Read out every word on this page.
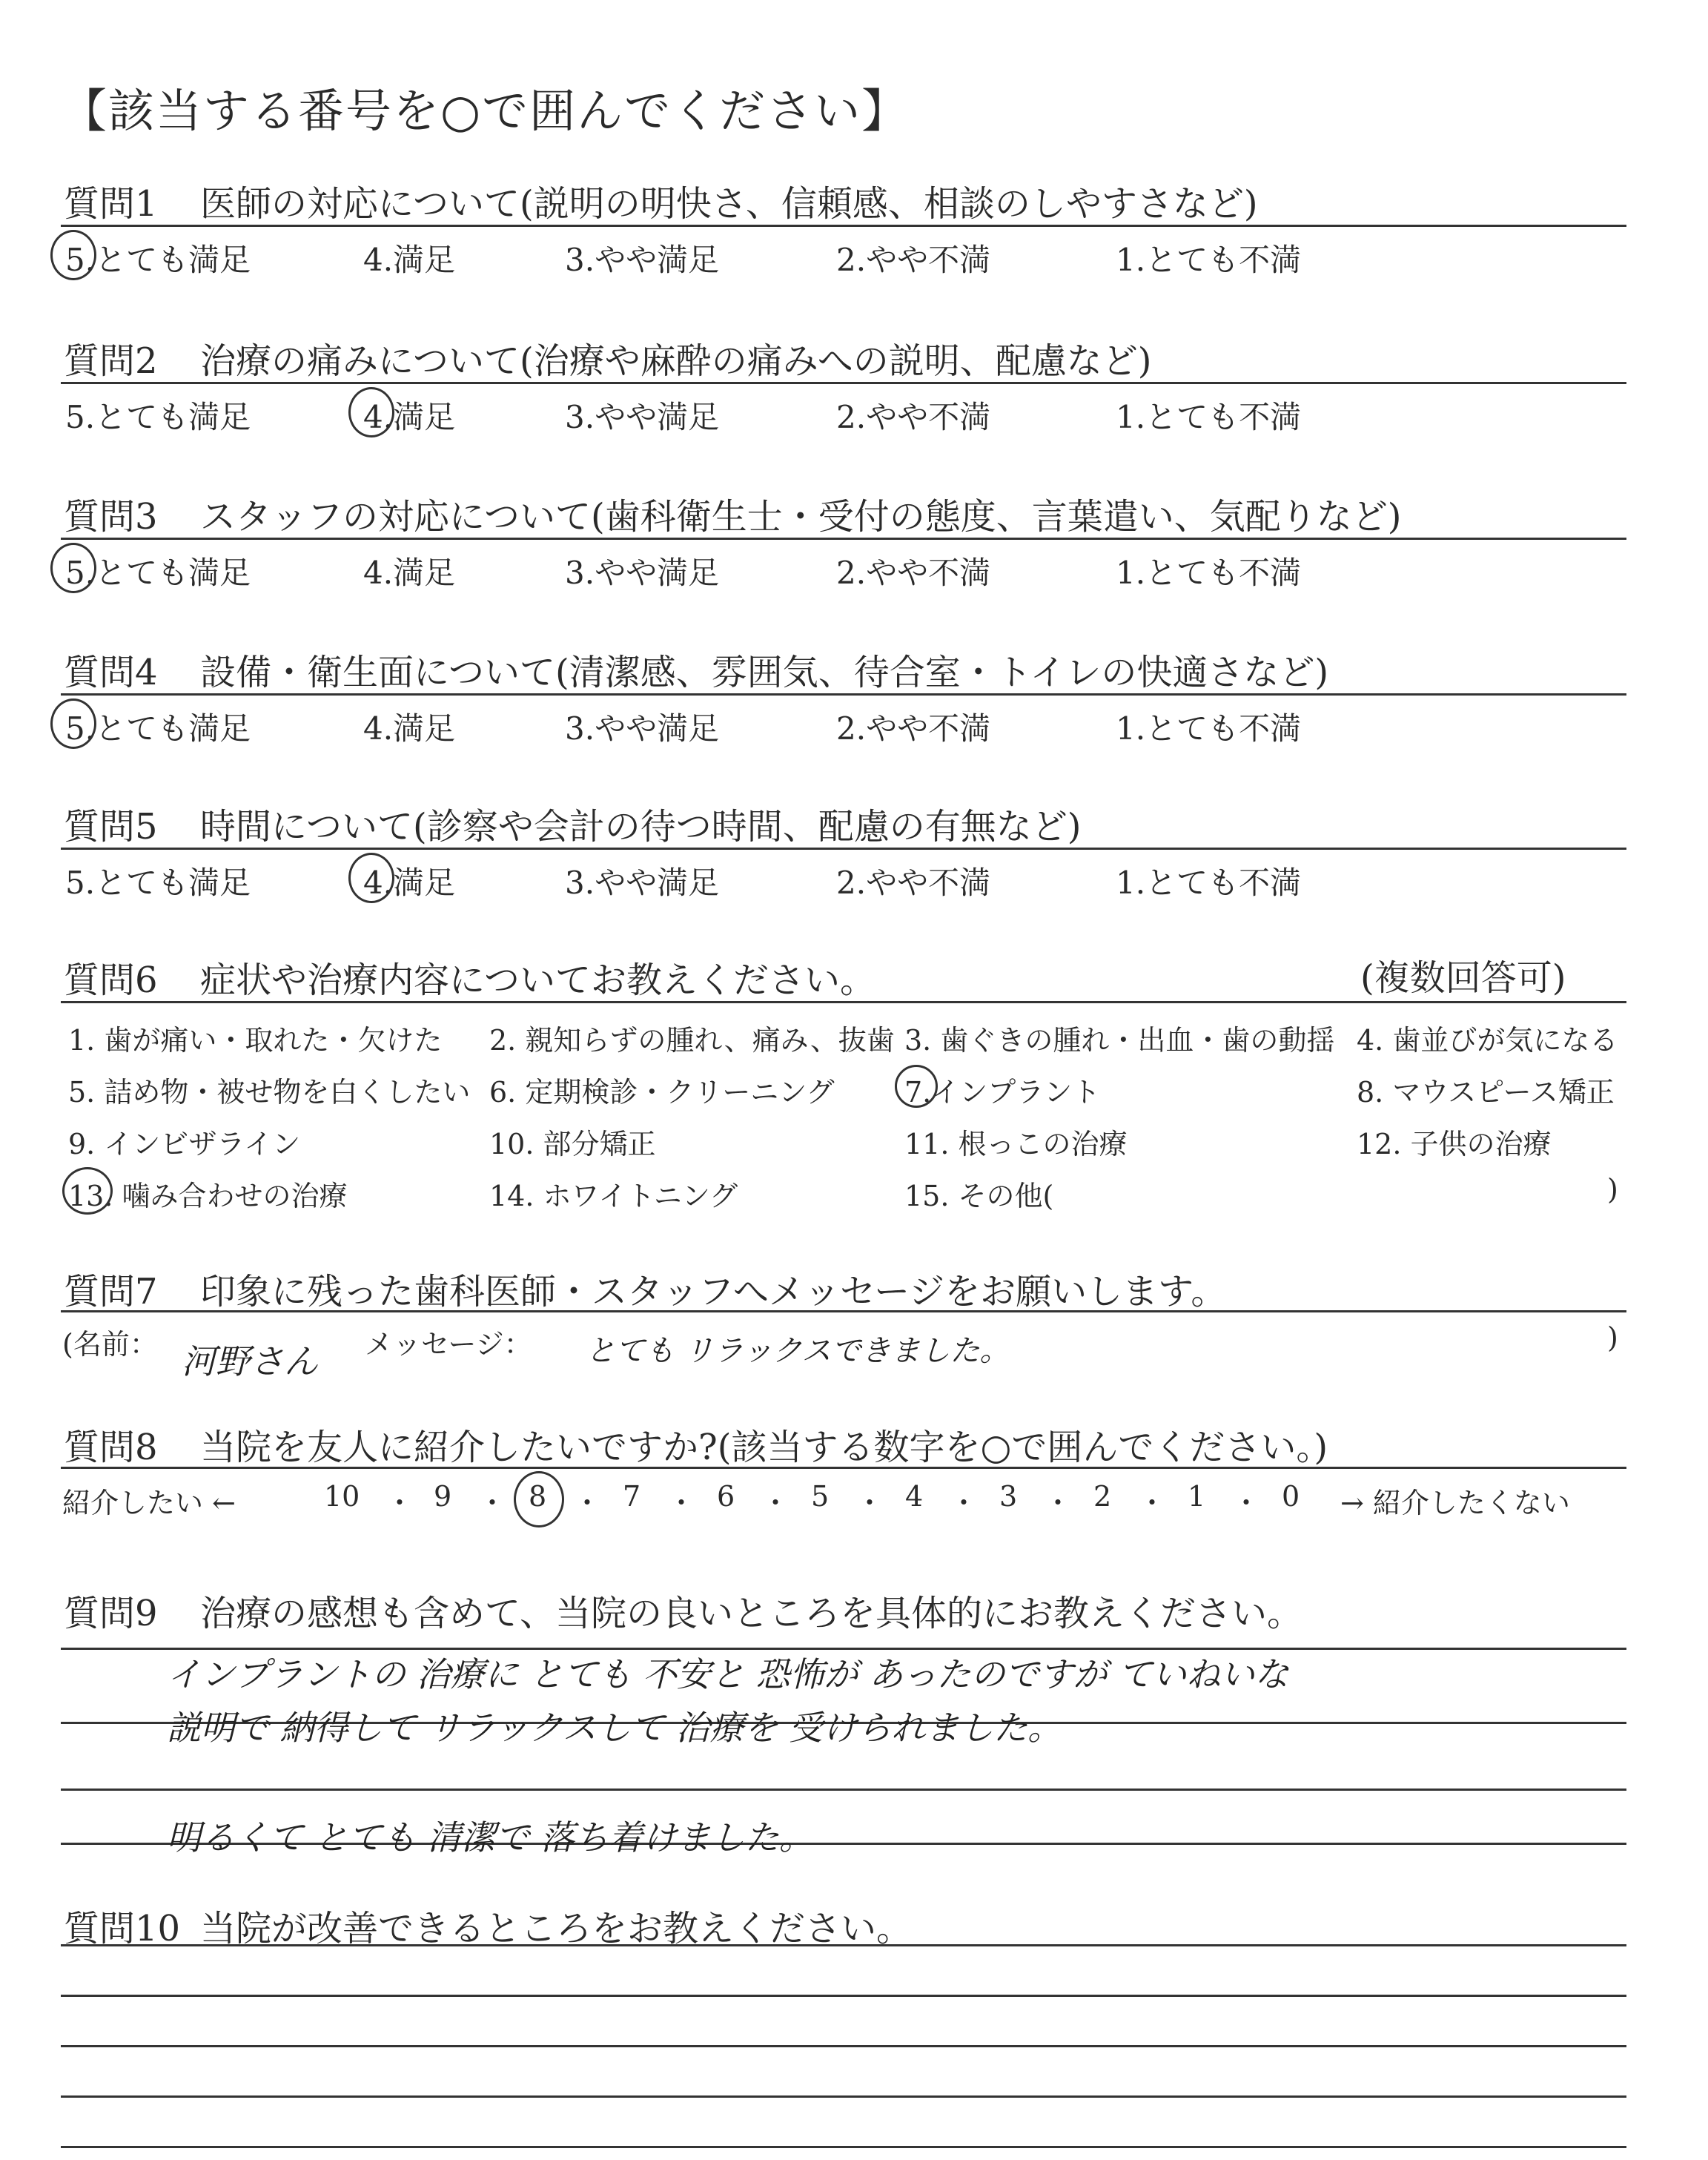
【該当する番号を○で囲んでください】
質問1 医師の対応について(説明の明快さ、信頼感、相談のしやすさなど)
5.とても満足	4.満足	3.やや満足	2.やや不満	1.とても不満
質問2 治療の痛みについて(治療や麻酔の痛みへの説明、配慮など)
5.とても満足	4.満足	3.やや満足	2.やや不満	1.とても不満
質問3 スタッフの対応について(歯科衛生士・受付の態度、言葉遣い、気配りなど)
5.とても満足	4.満足	3.やや満足	2.やや不満	1.とても不満
質問4 設備・衛生面について(清潔感、雰囲気、待合室・トイレの快適さなど)
5.とても満足	4.満足	3.やや満足	2.やや不満	1.とても不満
質問5 時間について(診察や会計の待つ時間、配慮の有無など)
5.とても満足	4.満足	3.やや満足	2.やや不満	1.とても不満
質問6 症状や治療内容についてお教えください。	(複数回答可)
1. 歯が痛い・取れた・欠けた 2. 親知らずの腫れ、痛み、抜歯 3. 歯ぐきの腫れ・出血・歯の動揺 4. 歯並びが気になる
5. 詰め物・被せ物を白くしたい 6. 定期検診・クリーニング 7.インプラント	8. マウスピース矯正
9. インビザライン	10. 部分矯正	11. 根っこの治療	12. 子供の治療
13. 噛み合わせの治療	14. ホワイトニング	15. その他(	)
質問7 印象に残った歯科医師・スタッフへメッセージをお願いします。
(名前： 河野さん メッセージ： とても リラックスできました。	)
質問8 当院を友人に紹介したいですか?(該当する数字を○で囲んでください。)
紹介したい ←	→ 紹介したくない
10 ・ 9 ・ 8 ・ 7 ・ 6 ・ 5 ・ 4 ・ 3 ・ 2 ・ 1 ・ 0
質問9 治療の感想も含めて、当院の良いところを具体的にお教えください。
インプラントの 治療に とても 不安と 恐怖が あったのですが ていねいな
説明で 納得して リラックスして 治療を 受けられました。
明るくて とても 清潔で 落ち着けました。
質問10 当院が改善できるところをお教えください。
